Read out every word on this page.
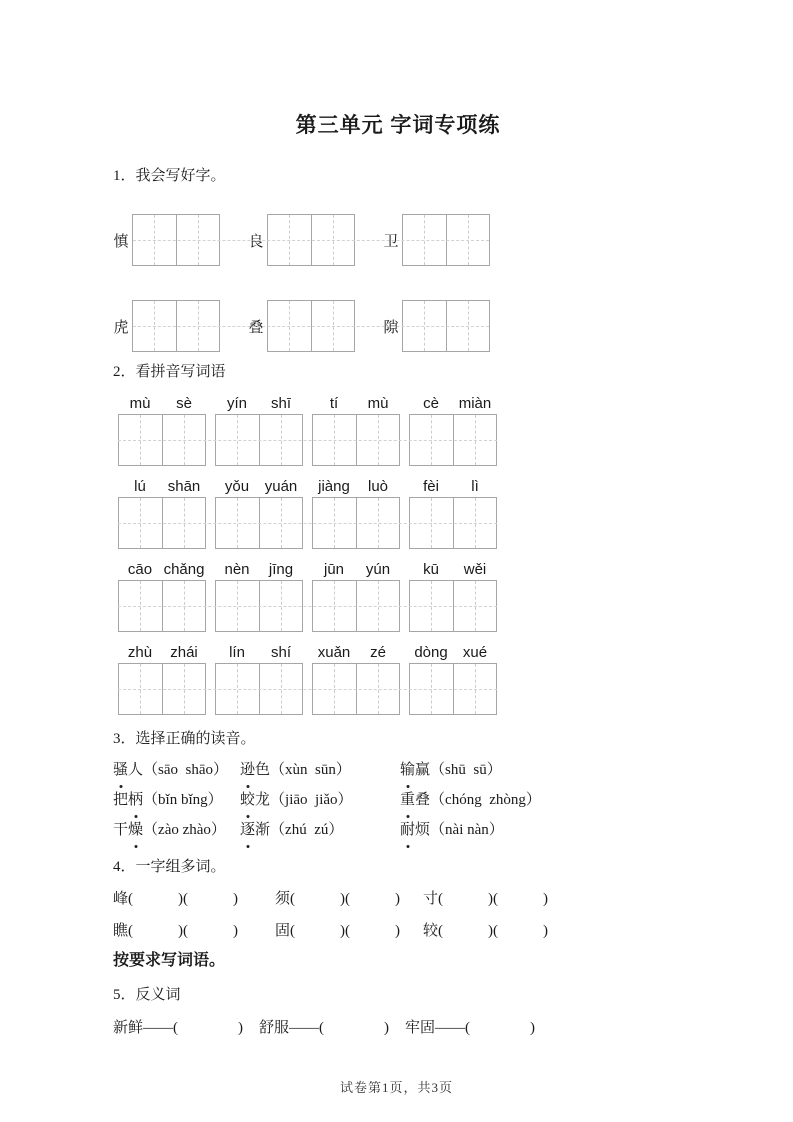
第三单元 字词专项练

1．我会写好字。

慎	良	卫
虎	叠	隙

2．看拼音写词语

mù	sè	yín	shī	tí	mù	cè	miàn
lú	shān	yǒu	yuán	jiàng	luò	fèi	lì
cāo chǎng	nèn	jīng	jūn	yún	kū	wěi
zhù	zhái	lín	shí	xuǎn	zé	dòng	xué

3．选择正确的读音。

骚人（sāo  shāo） 逊色（xùn  sūn）	输赢（shū  sū）
把柄（bǐn bǐng）	蛟龙（jiāo  jiǎo）	重叠（chóng  zhòng）
干燥（zào zhào） 逐渐（zhú  zú）	耐烦（nài nàn）

4．一字组多词。

峰(　　　)(　　　)	须(　　　)(　　　)	寸(　　　)(　　　)
瞧(　　　)(　　　)	固(　　　)(　　　)	较(　　　)(　　　)

按要求写词语。

5．反义词

新鲜——(　　　　)	舒服——(　　　　)	牢固——(　　　　)
试卷第1页，共3页
